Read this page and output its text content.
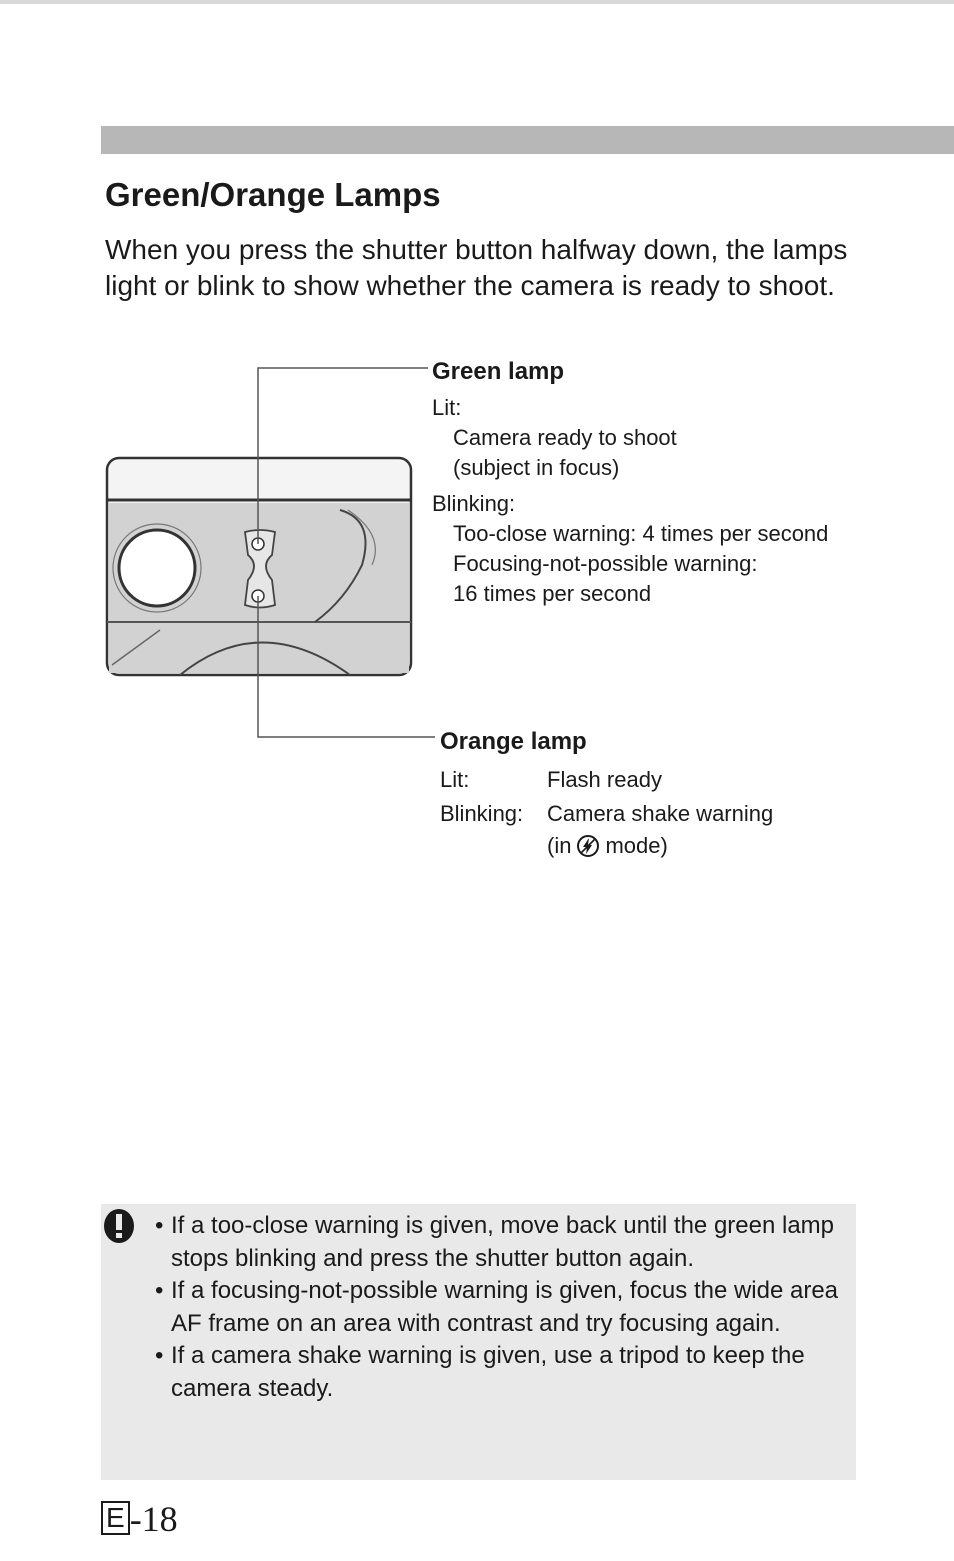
Green/Orange Lamps

When you press the shutter button halfway down, the lamps light or blink to show whether the camera is ready to shoot.

Green lamp
Lit:
Camera ready to shoot
(subject in focus)
Blinking:
Too-close warning: 4 times per second
Focusing-not-possible warning:
16 times per second
Orange lamp
Lit:	Flash ready
Blinking: Camera shake warning
(in mode)
• If a too-close warning is given, move back until the green lamp stops blinking and press the shutter button again.
• If a focusing-not-possible warning is given, focus the wide area AF frame on an area with contrast and try focusing again.
• If a camera shake warning is given, use a tripod to keep the camera steady.
E -18
